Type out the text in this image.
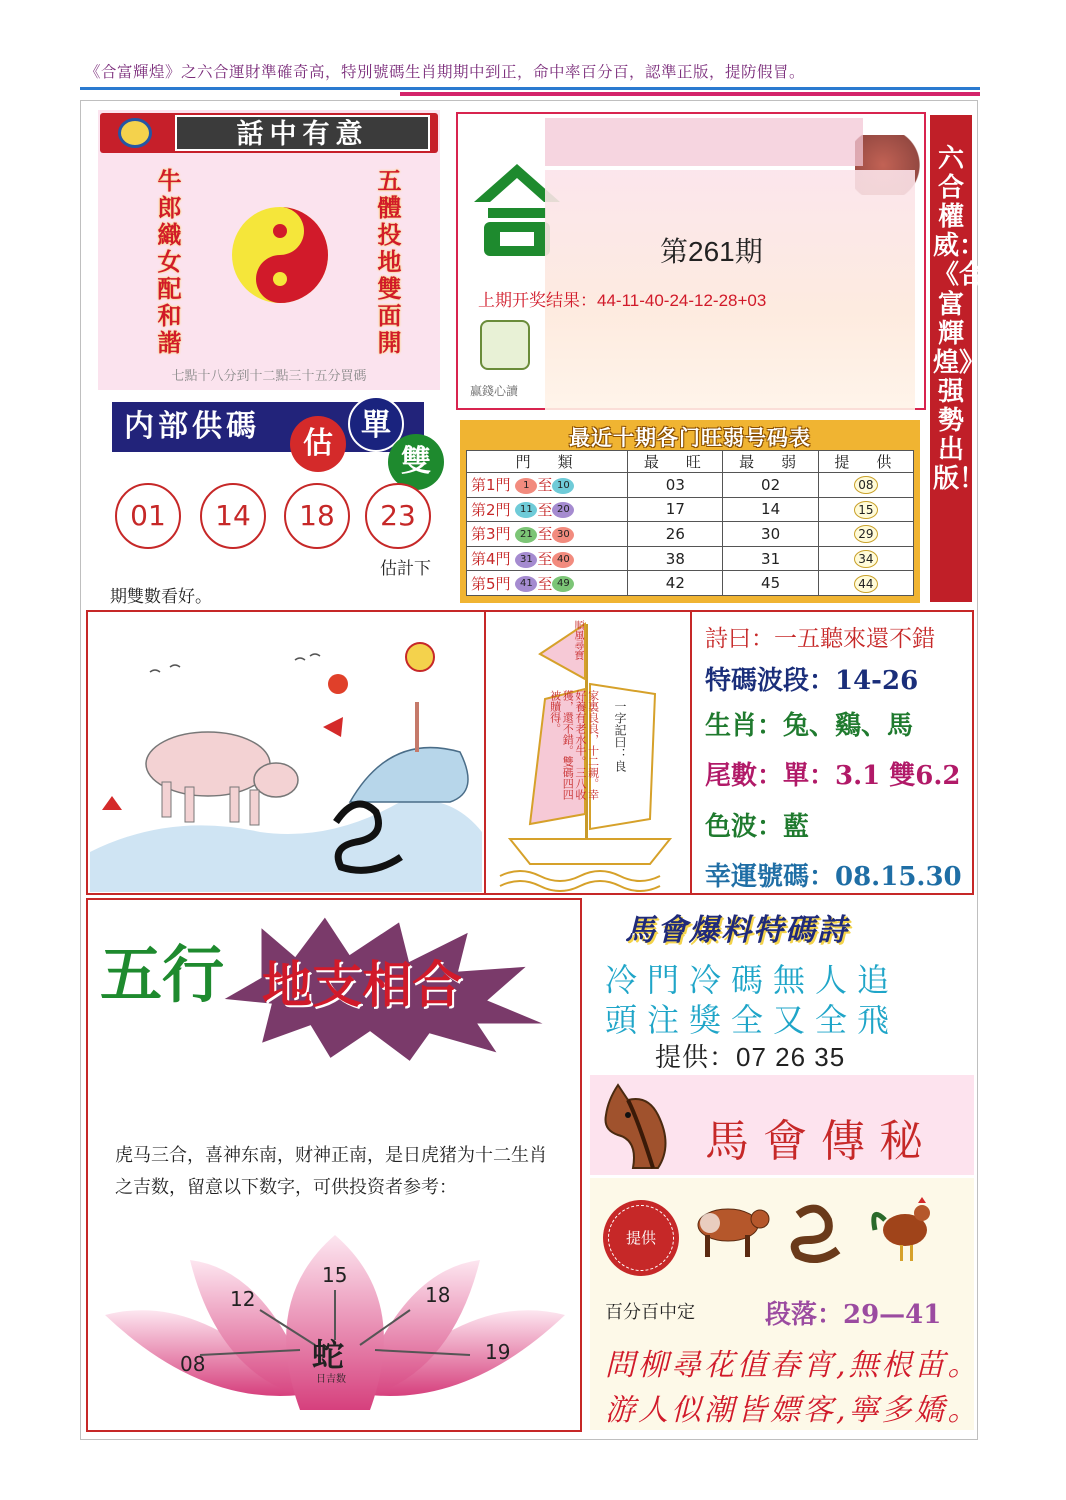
《合富輝煌》之六合運財準確奇高，特別號碼生肖期期中到正，命中率百分百，認準正版，提防假冒。
話中有意
牛郎織女配和諧	五體投地雙面開
七點十八分到十二點三十五分買碼
内部供碼	估
單
雙
01	14	18	23
估計下
期雙數看好。
第261期
上期开奖结果：44-11-40-24-12-28+03
赢錢心讀
六合權威：《合富輝煌》强勢出版！
最近十期各门旺弱号码表
門　類	最　旺	最　弱	提　供
第1門 1 至 10	03	02	08
第2門 11 至 20	17	14	15
第3門 21 至 30	26	30	29
第4門 31 至 40	38	31	34
第5門 41 至 49	42	45	44
順風尋寶
家裏良良，十二親。幸好養有老水牛。三八收獲，還不錯。雙碼四四被贖得。	一字記曰：良
詩曰：一五聽來還不錯
特碼波段：14-26
生肖：兔、鷄、馬
尾數：單：3.1 雙6.2
色波：藍
幸運號碼：08.15.30
五行 地支相合
虎马三合，喜神东南，财神正南，是日虎猪为十二生肖之吉数，留意以下数字，可供投资者参考：
12
15
18
19
08	蛇
日吉数
馬會爆料特碼詩
冷門冷碼無人追
頭注獎全又全飛
提供：07 26 35
馬會傳秘
提供
百分百中定	段落：29—41
問柳尋花值春宵,無根苗。
游人似潮皆嫖客,寧多嬌。
